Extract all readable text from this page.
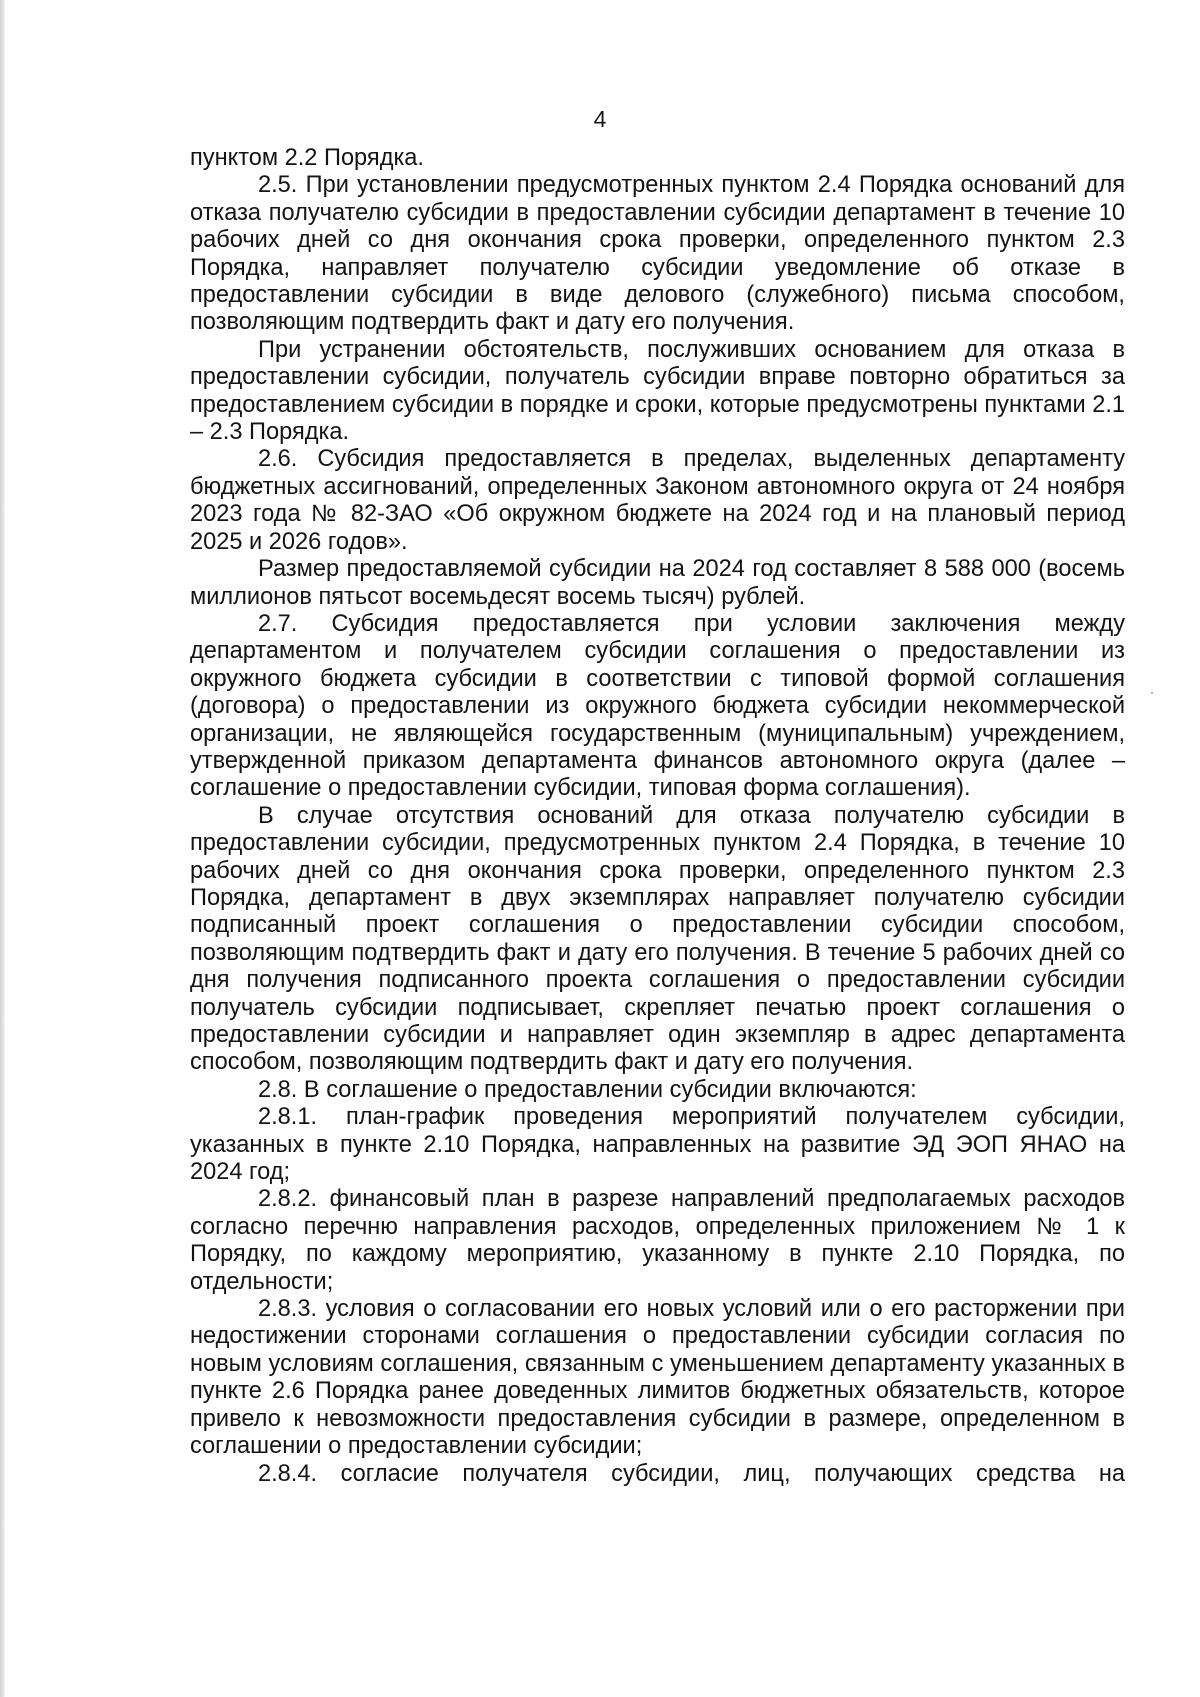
4

пунктом 2.2 Порядка.

2.5. При установлении предусмотренных пунктом 2.4 Порядка оснований для отказа получателю субсидии в предоставлении субсидии департамент в течение 10 рабочих дней со дня окончания срока проверки, определенного пунктом 2.3 Порядка, направляет получателю субсидии уведомление об отказе в предоставлении субсидии в виде делового (служебного) письма способом, позволяющим подтвердить факт и дату его получения.

При устранении обстоятельств, послуживших основанием для отказа в предоставлении субсидии, получатель субсидии вправе повторно обратиться за предоставлением субсидии в порядке и сроки, которые предусмотрены пунктами 2.1 – 2.3 Порядка.

2.6. Субсидия предоставляется в пределах, выделенных департаменту бюджетных ассигнований, определенных Законом автономного округа от 24 ноября 2023 года № 82-ЗАО «Об окружном бюджете на 2024 год и на плановый период 2025 и 2026 годов».

Размер предоставляемой субсидии на 2024 год составляет 8 588 000 (восемь миллионов пятьсот восемьдесят восемь тысяч) рублей.

2.7. Субсидия предоставляется при условии заключения между департаментом и получателем субсидии соглашения о предоставлении из окружного бюджета субсидии в соответствии с типовой формой соглашения (договора) о предоставлении из окружного бюджета субсидии некоммерческой организации, не являющейся государственным (муниципальным) учреждением, утвержденной приказом департамента финансов автономного округа (далее – соглашение о предоставлении субсидии, типовая форма соглашения).

В случае отсутствия оснований для отказа получателю субсидии в предоставлении субсидии, предусмотренных пунктом 2.4 Порядка, в течение 10 рабочих дней со дня окончания срока проверки, определенного пунктом 2.3 Порядка, департамент в двух экземплярах направляет получателю субсидии подписанный проект соглашения о предоставлении субсидии способом, позволяющим подтвердить факт и дату его получения. В течение 5 рабочих дней со дня получения подписанного проекта соглашения о предоставлении субсидии получатель субсидии подписывает, скрепляет печатью проект соглашения о предоставлении субсидии и направляет один экземпляр в адрес департамента способом, позволяющим подтвердить факт и дату его получения.

2.8. В соглашение о предоставлении субсидии включаются:

2.8.1. план-график проведения мероприятий получателем субсидии, указанных в пункте 2.10 Порядка, направленных на развитие ЭД ЭОП ЯНАО на 2024 год;

2.8.2. финансовый план в разрезе направлений предполагаемых расходов согласно перечню направления расходов, определенных приложением № 1 к Порядку, по каждому мероприятию, указанному в пункте 2.10 Порядка, по отдельности;

2.8.3. условия о согласовании его новых условий или о его расторжении при недостижении сторонами соглашения о предоставлении субсидии согласия по новым условиям соглашения, связанным с уменьшением департаменту указанных в пункте 2.6 Порядка ранее доведенных лимитов бюджетных обязательств, которое привело к невозможности предоставления субсидии в размере, определенном в соглашении о предоставлении субсидии;

2.8.4. согласие получателя субсидии, лиц, получающих средства на
